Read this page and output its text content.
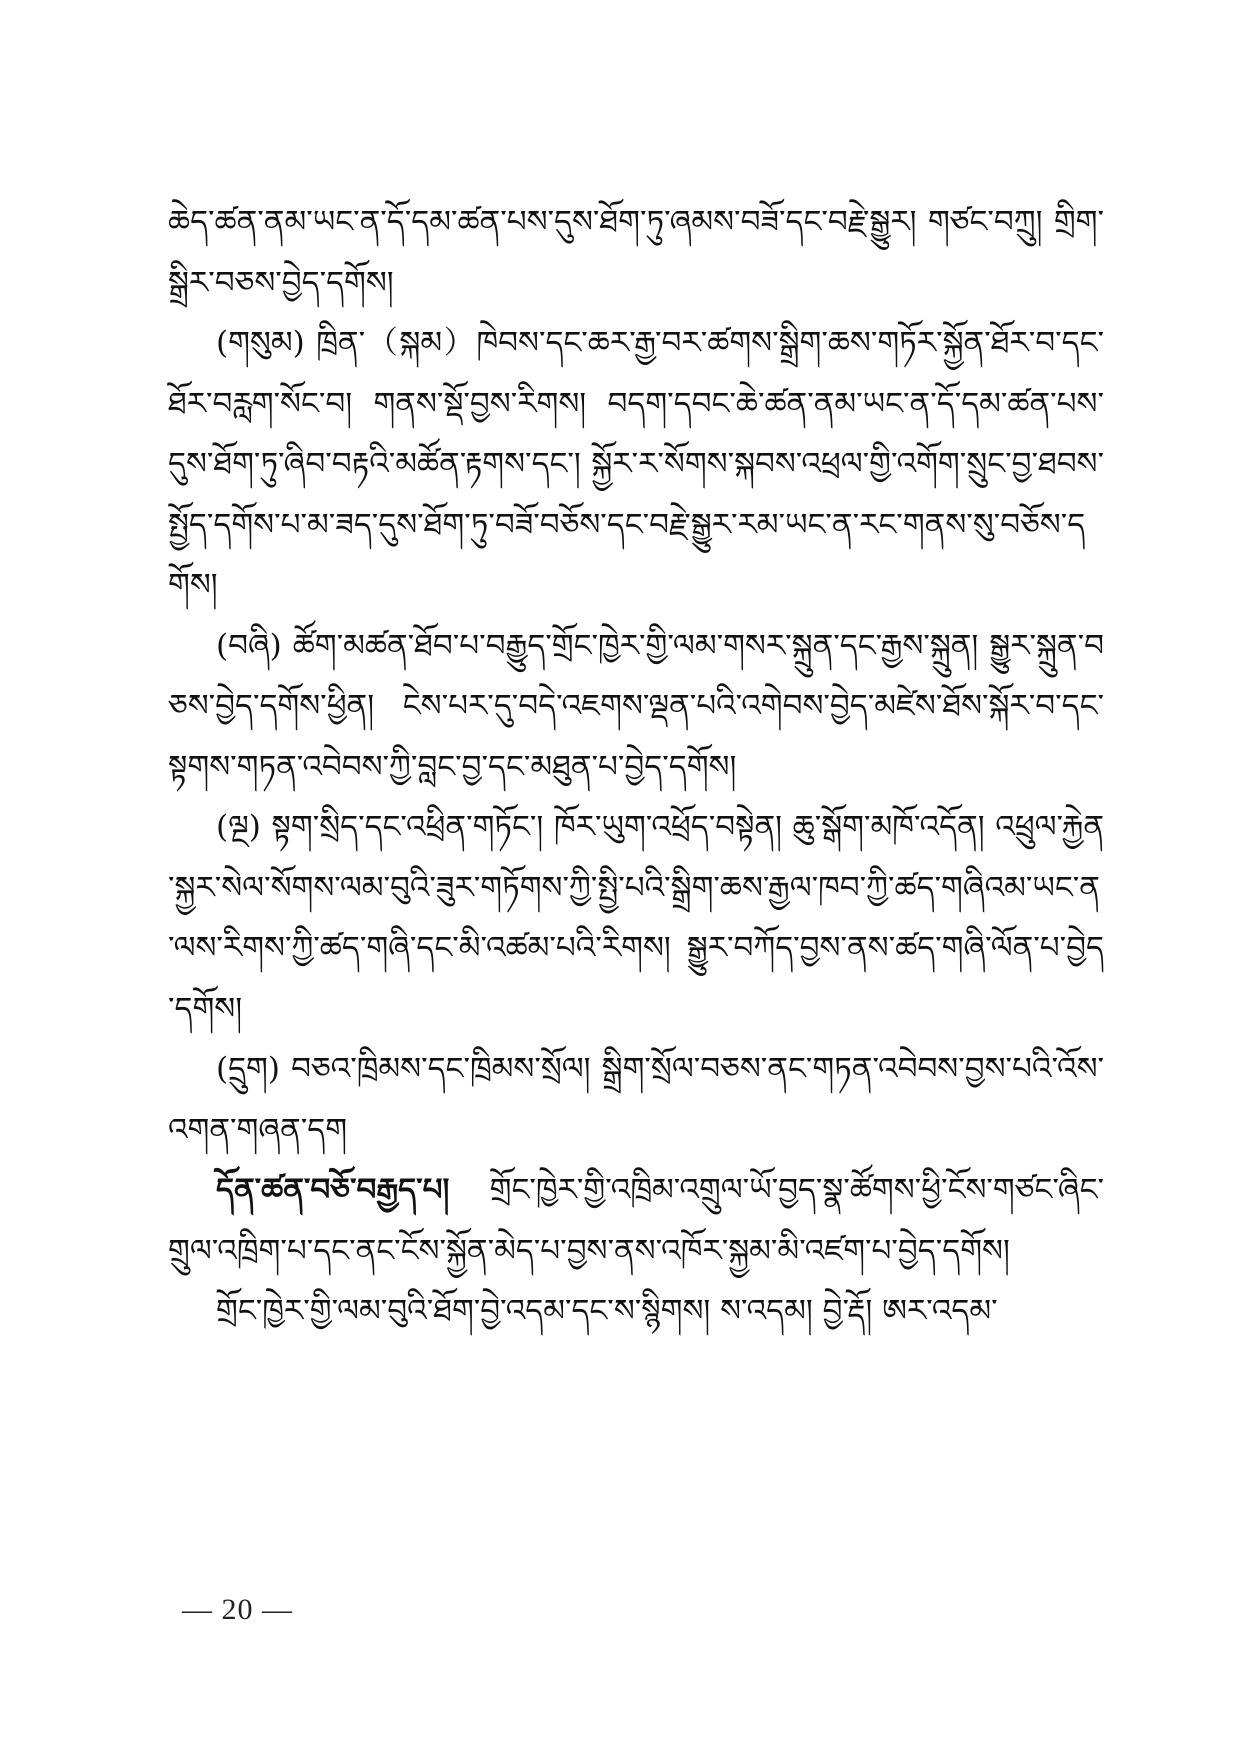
ཆེད་ཚན་ནམ་ཡང་ན་དོ་དམ་ཚན་པས་དུས་ཐོག་ཏུ་ཞམས་བཟོ་དང་བརྗེ་སྒྱུར། གཙང་བཀྲུ། གྲིག་སྒྲིར་བཅས་བྱེད་དགོས།

(གསུམ) ཁྲིན་（སྐམ）ཁེབས་དང་ཆར་རྒྱ་བར་ཚགས་སྒྲིག་ཆས་གཏོར་སྐྱོན་ཐོར་བ་དང་ཐོར་བརླག་སོང་བ། གནས་སྡོ་བྱས་རིགས། བདག་དབང་ཆེ་ཚན་ནམ་ཡང་ན་དོ་དམ་ཚན་པས་དུས་ཐོག་ཏུ་ཞིབ་བརྟའི་མཚོན་རྟགས་དང་། སྐྱོར་ར་སོགས་སྐབས་འཕྲལ་གྱི་འགོག་སྲུང་བྱ་ཐབས་སྤྱོད་དགོས་པ་མ་ཟད་དུས་ཐོག་ཏུ་བཟོ་བཅོས་དང་བརྗེ་སྒྱུར་རམ་ཡང་ན་རང་གནས་སུ་བཅོས་དགོས།

(བཞི) ཚོག་མཚན་ཐོབ་པ་བརྒྱུད་གྲོང་ཁྱེར་གྱི་ལམ་གསར་སྐྲུན་དང་རྒྱས་སྐྲུན། སྒྱུར་སྐྲུན་བཅས་བྱེད་དགོས་ཕྱིན། ངེས་པར་དུ་བདེ་འཇགས་ལྡན་པའི་འགེབས་བྱེད་མཛེས་ཐོས་སྐོར་བ་དང་སྟགས་གཏན་འབེབས་ཀྱི་བླང་བྱ་དང་མཐུན་པ་བྱེད་དགོས།

(ལྔ) སྟག་སྲིད་དང་འཕྲིན་གཏོང་། ཁོར་ཡུག་འཕྲོད་བསྟེན། ཆུ་སྒོག་མཁོ་འདོན། འཕྲུལ་རྐྱེན་སྐྱར་སེལ་སོགས་ལམ་བུའི་ཟུར་གཏོགས་ཀྱི་སྤྱི་པའི་སྒྲིག་ཆས་རྒྱལ་ཁབ་ཀྱི་ཚད་གཞིའམ་ཡང་ན་ལས་རིགས་ཀྱི་ཚད་གཞི་དང་མི་འཚམ་པའི་རིགས། སྒྱུར་བཀོད་བྱས་ནས་ཚད་གཞི་ལོན་པ་བྱེད་དགོས།

(དྲུག) བཅའ་ཁྲིམས་དང་ཁྲིམས་སྲོལ། སྒྲིག་སྲོལ་བཅས་ནང་གཏན་འབེབས་བྱས་པའི་འོས་འགན་གཞན་དག

དོན་ཚན་བཅོ་བརྒྱད་པ། གྲོང་ཁྱེར་གྱི་འཁྲིམ་འགྲུལ་ཡོ་བྱད་སྣ་ཚོགས་ཕྱི་ངོས་གཙང་ཞིང་གྲུལ་འཁྲིག་པ་དང་ནང་ངོས་སྐྱོན་མེད་པ་བྱས་ནས་འཁོར་སྐྱམ་མི་འཛག་པ་བྱེད་དགོས།

གྲོང་ཁྱེར་གྱི་ལམ་བུའི་ཐོག་བྱེ་འདམ་དང་ས་སྙིགས། ས་འདམ། བྱེ་རྡོ། ཨར་འདམ་

— 20 —
